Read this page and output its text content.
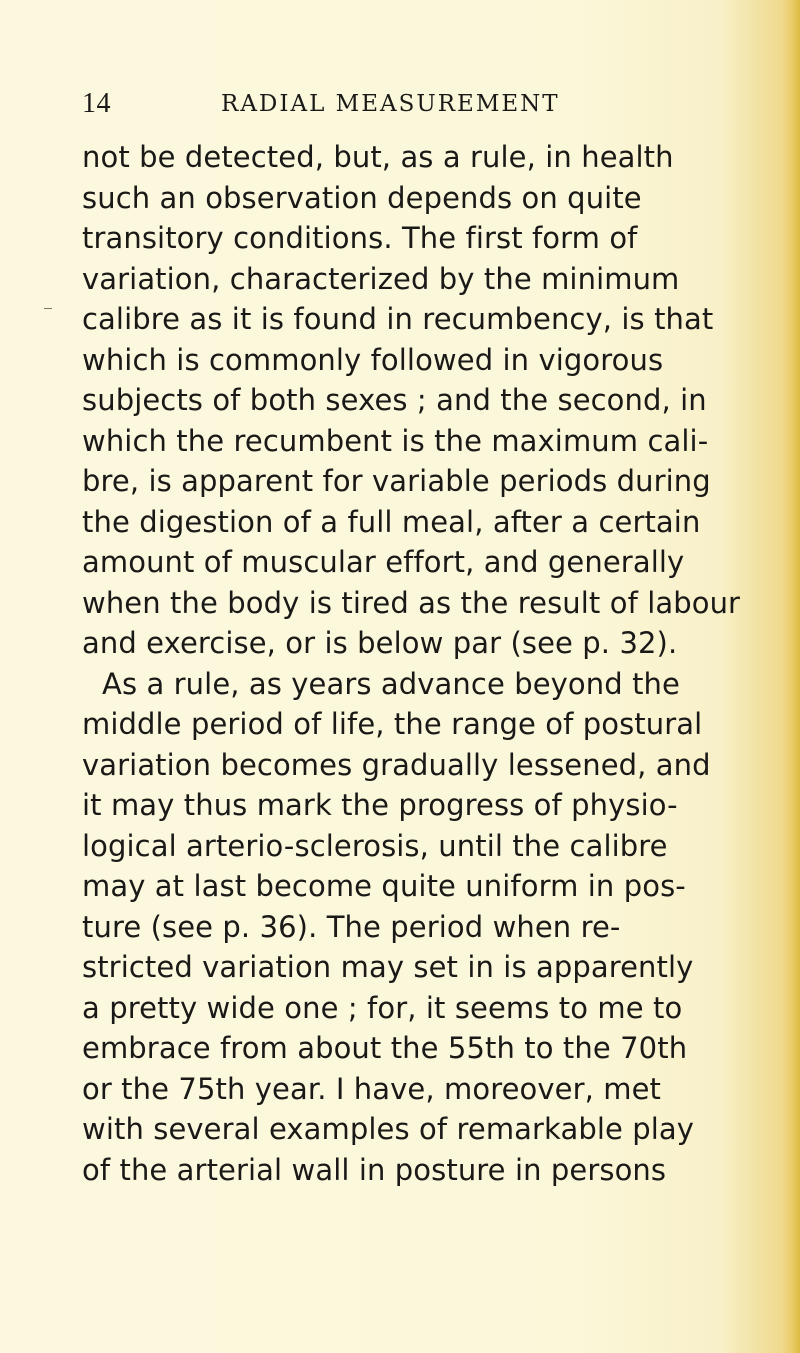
14	RADIAL MEASUREMENT
not be detected, but, as a rule, in health
such an observation depends on quite
transitory conditions. The first form of
variation, characterized by the minimum
calibre as it is found in recumbency, is that
which is commonly followed in vigorous
subjects of both sexes ; and the second, in
which the recumbent is the maximum cali-
bre, is apparent for variable periods during
the digestion of a full meal, after a certain
amount of muscular effort, and generally
when the body is tired as the result of labour
and exercise, or is below par (see p. 32).
As a rule, as years advance beyond the
middle period of life, the range of postural
variation becomes gradually lessened, and
it may thus mark the progress of physio-
logical arterio-sclerosis, until the calibre
may at last become quite uniform in pos-
ture (see p. 36). The period when re-
stricted variation may set in is apparently
a pretty wide one ; for, it seems to me to
embrace from about the 55th to the 70th
or the 75th year. I have, moreover, met
with several examples of remarkable play
of the arterial wall in posture in persons
